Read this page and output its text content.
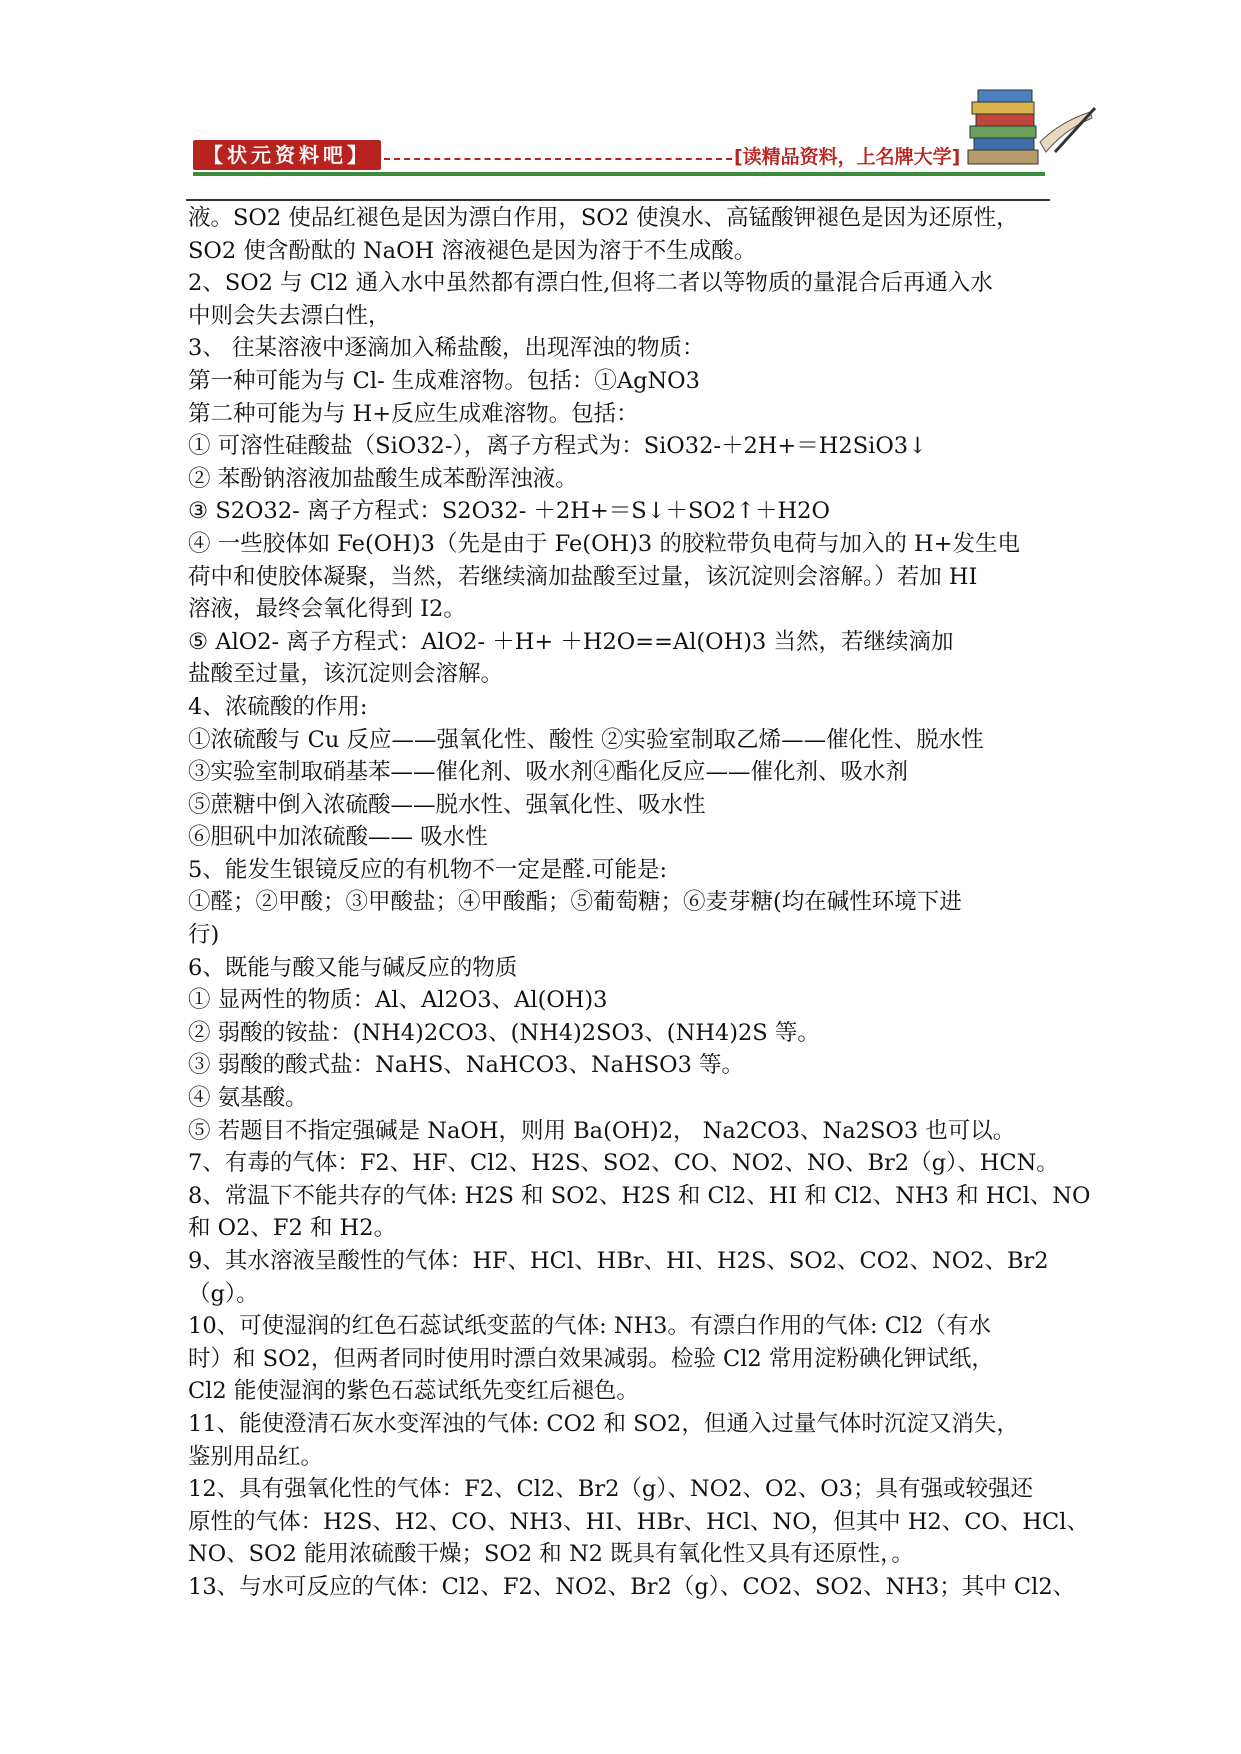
【状元资料吧】	[读精品资料，上名牌大学]
液。SO2 使品红褪色是因为漂白作用，SO2 使溴水、高锰酸钾褪色是因为还原性，
SO2 使含酚酞的 NaOH 溶液褪色是因为溶于不生成酸。
2、SO2 与 Cl2 通入水中虽然都有漂白性,但将二者以等物质的量混合后再通入水
中则会失去漂白性，
3、 往某溶液中逐滴加入稀盐酸，出现浑浊的物质：
第一种可能为与 Cl- 生成难溶物。包括：①AgNO3
第二种可能为与 H+反应生成难溶物。包括：
① 可溶性硅酸盐（SiO32-），离子方程式为：SiO32-＋2H+＝H2SiO3↓
② 苯酚钠溶液加盐酸生成苯酚浑浊液。
③ S2O32- 离子方程式：S2O32- ＋2H+＝S↓＋SO2↑＋H2O
④ 一些胶体如 Fe(OH)3（先是由于 Fe(OH)3 的胶粒带负电荷与加入的 H+发生电
荷中和使胶体凝聚，当然，若继续滴加盐酸至过量，该沉淀则会溶解。）若加 HI
溶液，最终会氧化得到 I2。
⑤ AlO2- 离子方程式：AlO2- ＋H+ ＋H2O==Al(OH)3 当然，若继续滴加
盐酸至过量，该沉淀则会溶解。
4、浓硫酸的作用:
①浓硫酸与 Cu 反应——强氧化性、酸性 ②实验室制取乙烯——催化性、脱水性
③实验室制取硝基苯——催化剂、吸水剂④酯化反应——催化剂、吸水剂
⑤蔗糖中倒入浓硫酸——脱水性、强氧化性、吸水性
⑥胆矾中加浓硫酸—— 吸水性
5、能发生银镜反应的有机物不一定是醛.可能是:
①醛；②甲酸；③甲酸盐；④甲酸酯；⑤葡萄糖；⑥麦芽糖(均在碱性环境下进
行)
6、既能与酸又能与碱反应的物质
① 显两性的物质：Al、Al2O3、Al(OH)3
② 弱酸的铵盐：(NH4)2CO3、(NH4)2SO3、(NH4)2S 等。
③ 弱酸的酸式盐：NaHS、NaHCO3、NaHSO3 等。
④ 氨基酸。
⑤ 若题目不指定强碱是 NaOH，则用 Ba(OH)2， Na2CO3、Na2SO3 也可以。
7、有毒的气体：F2、HF、Cl2、H2S、SO2、CO、NO2、NO、Br2（g）、HCN。
8、常温下不能共存的气体: H2S 和 SO2、H2S 和 Cl2、HI 和 Cl2、NH3 和 HCl、NO
和 O2、F2 和 H2。
9、其水溶液呈酸性的气体：HF、HCl、HBr、HI、H2S、SO2、CO2、NO2、Br2
（g）。
10、可使湿润的红色石蕊试纸变蓝的气体: NH3。有漂白作用的气体: Cl2（有水
时）和 SO2，但两者同时使用时漂白效果减弱。检验 Cl2 常用淀粉碘化钾试纸，
Cl2 能使湿润的紫色石蕊试纸先变红后褪色。
11、能使澄清石灰水变浑浊的气体: CO2 和 SO2，但通入过量气体时沉淀又消失，
鉴别用品红。
12、具有强氧化性的气体：F2、Cl2、Br2（g）、NO2、O2、O3；具有强或较强还
原性的气体：H2S、H2、CO、NH3、HI、HBr、HCl、NO，但其中 H2、CO、HCl、
NO、SO2 能用浓硫酸干燥；SO2 和 N2 既具有氧化性又具有还原性，。
13、与水可反应的气体：Cl2、F2、NO2、Br2（g）、CO2、SO2、NH3；其中 Cl2、
